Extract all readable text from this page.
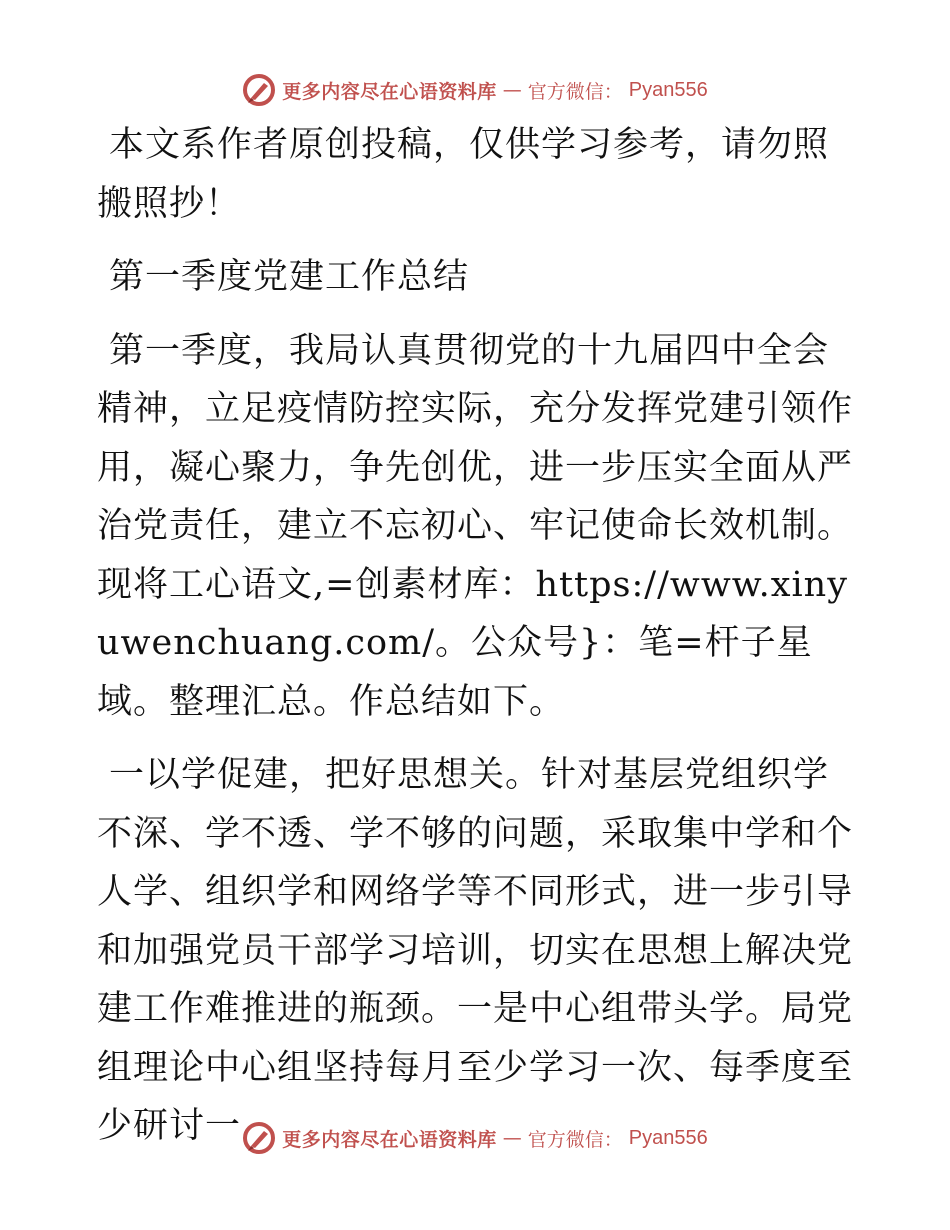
更多内容尽在心语资料库 — 官方微信： Pyan556

本文系作者原创投稿，仅供学习参考，请勿照搬照抄！

第一季度党建工作总结

第一季度，我局认真贯彻党的十九届四中全会精神，立足疫情防控实际，充分发挥党建引领作用，凝心聚力，争先创优，进一步压实全面从严治党责任，建立不忘初心、牢记使命长效机制。现将工心语文,=创素材库：https://www.xinyuwenchuang.com/。公众号}：笔=杆子星域。整理汇总。作总结如下。

一以学促建，把好思想关。针对基层党组织学不深、学不透、学不够的问题，采取集中学和个人学、组织学和网络学等不同形式，进一步引导和加强党员干部学习培训，切实在思想上解决党建工作难推进的瓶颈。一是中心组带头学。局党组理论中心组坚持每月至少学习一次、每季度至少研讨一	更多内容尽在心语资料库 — 官方微信： Pyan556
